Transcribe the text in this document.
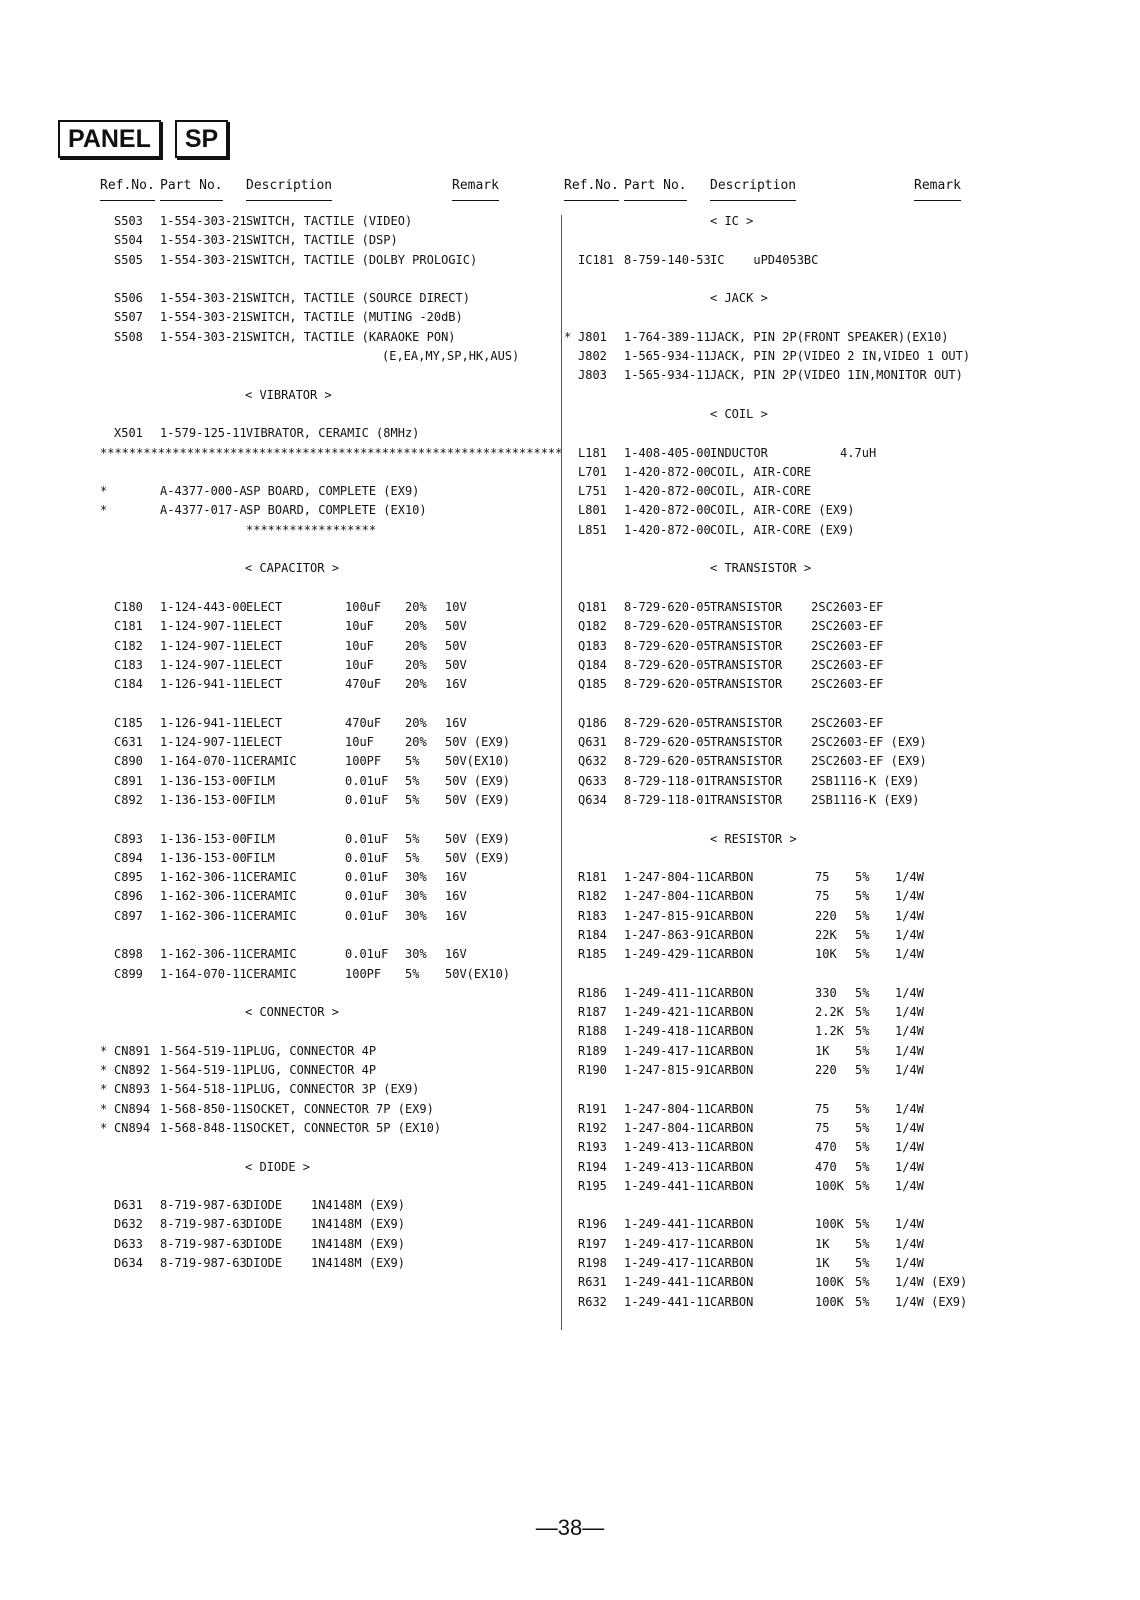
PANEL	SP
Ref.No. Part No. Description	Remark
S503 1-554-303-21 SWITCH, TACTILE (VIDEO)
S504 1-554-303-21 SWITCH, TACTILE (DSP)
S505 1-554-303-21 SWITCH, TACTILE (DOLBY PROLOGIC)
S506 1-554-303-21 SWITCH, TACTILE (SOURCE DIRECT)
S507 1-554-303-21 SWITCH, TACTILE (MUTING -20dB)
S508 1-554-303-21 SWITCH, TACTILE (KARAOKE PON)
(E,EA,MY,SP,HK,AUS)
< VIBRATOR >
X501 1-579-125-11 VIBRATOR, CERAMIC (8MHz)
****************************************************************
*	A-4377-000-A SP BOARD, COMPLETE (EX9)
*	A-4377-017-A SP BOARD, COMPLETE (EX10)
******************
< CAPACITOR >
C180 1-124-443-00 ELECT	100uF 20% 10V
C181 1-124-907-11 ELECT	10uF	20% 50V
C182 1-124-907-11 ELECT	10uF	20% 50V
C183 1-124-907-11 ELECT	10uF	20% 50V
C184 1-126-941-11 ELECT	470uF 20% 16V
C185 1-126-941-11 ELECT	470uF 20% 16V
C631 1-124-907-11 ELECT	10uF	20% 50V (EX9)
C890 1-164-070-11 CERAMIC	100PF 5% 50V(EX10)
C891 1-136-153-00 FILM	0.01uF 5% 50V (EX9)
C892 1-136-153-00 FILM	0.01uF 5% 50V (EX9)
C893 1-136-153-00 FILM	0.01uF 5% 50V (EX9)
C894 1-136-153-00 FILM	0.01uF 5% 50V (EX9)
C895 1-162-306-11 CERAMIC	0.01uF 30% 16V
C896 1-162-306-11 CERAMIC	0.01uF 30% 16V
C897 1-162-306-11 CERAMIC	0.01uF 30% 16V
C898 1-162-306-11 CERAMIC	0.01uF 30% 16V
C899 1-164-070-11 CERAMIC	100PF 5% 50V(EX10)
< CONNECTOR >
* CN891 1-564-519-11 PLUG, CONNECTOR 4P
* CN892 1-564-519-11 PLUG, CONNECTOR 4P
* CN893 1-564-518-11 PLUG, CONNECTOR 3P (EX9)
* CN894 1-568-850-11 SOCKET, CONNECTOR 7P (EX9)
* CN894 1-568-848-11 SOCKET, CONNECTOR 5P (EX10)
< DIODE >
D631 8-719-987-63 DIODE    1N4148M (EX9)
D632 8-719-987-63 DIODE    1N4148M (EX9)
D633 8-719-987-63 DIODE    1N4148M (EX9)
D634 8-719-987-63 DIODE    1N4148M (EX9)
Ref.No. Part No. Description	Remark
< IC >
IC181 8-759-140-53 IC    uPD4053BC
< JACK >
* J801 1-764-389-11 JACK, PIN 2P(FRONT SPEAKER)(EX10)
J802 1-565-934-11 JACK, PIN 2P(VIDEO 2 IN,VIDEO 1 OUT)
J803 1-565-934-11 JACK, PIN 2P(VIDEO 1IN,MONITOR OUT)
< COIL >
L181 1-408-405-00 INDUCTOR          4.7uH
L701 1-420-872-00 COIL, AIR-CORE
L751 1-420-872-00 COIL, AIR-CORE
L801 1-420-872-00 COIL, AIR-CORE (EX9)
L851 1-420-872-00 COIL, AIR-CORE (EX9)
< TRANSISTOR >
Q181 8-729-620-05 TRANSISTOR    2SC2603-EF
Q182 8-729-620-05 TRANSISTOR    2SC2603-EF
Q183 8-729-620-05 TRANSISTOR    2SC2603-EF
Q184 8-729-620-05 TRANSISTOR    2SC2603-EF
Q185 8-729-620-05 TRANSISTOR    2SC2603-EF
Q186 8-729-620-05 TRANSISTOR    2SC2603-EF
Q631 8-729-620-05 TRANSISTOR    2SC2603-EF (EX9)
Q632 8-729-620-05 TRANSISTOR    2SC2603-EF (EX9)
Q633 8-729-118-01 TRANSISTOR    2SB1116-K (EX9)
Q634 8-729-118-01 TRANSISTOR    2SB1116-K (EX9)
< RESISTOR >
R181 1-247-804-11 CARBON	75 5% 1/4W
R182 1-247-804-11 CARBON	75 5% 1/4W
R183 1-247-815-91 CARBON	220 5% 1/4W
R184 1-247-863-91 CARBON	22K 5% 1/4W
R185 1-249-429-11 CARBON	10K 5% 1/4W
R186 1-249-411-11 CARBON	330 5% 1/4W
R187 1-249-421-11 CARBON	2.2K 5% 1/4W
R188 1-249-418-11 CARBON	1.2K 5% 1/4W
R189 1-249-417-11 CARBON	1K 5% 1/4W
R190 1-247-815-91 CARBON	220 5% 1/4W
R191 1-247-804-11 CARBON	75 5% 1/4W
R192 1-247-804-11 CARBON	75 5% 1/4W
R193 1-249-413-11 CARBON	470 5% 1/4W
R194 1-249-413-11 CARBON	470 5% 1/4W
R195 1-249-441-11 CARBON	100K 5% 1/4W
R196 1-249-441-11 CARBON	100K 5% 1/4W
R197 1-249-417-11 CARBON	1K 5% 1/4W
R198 1-249-417-11 CARBON	1K 5% 1/4W
R631 1-249-441-11 CARBON	100K 5% 1/4W (EX9)
R632 1-249-441-11 CARBON	100K 5% 1/4W (EX9)
—38—
